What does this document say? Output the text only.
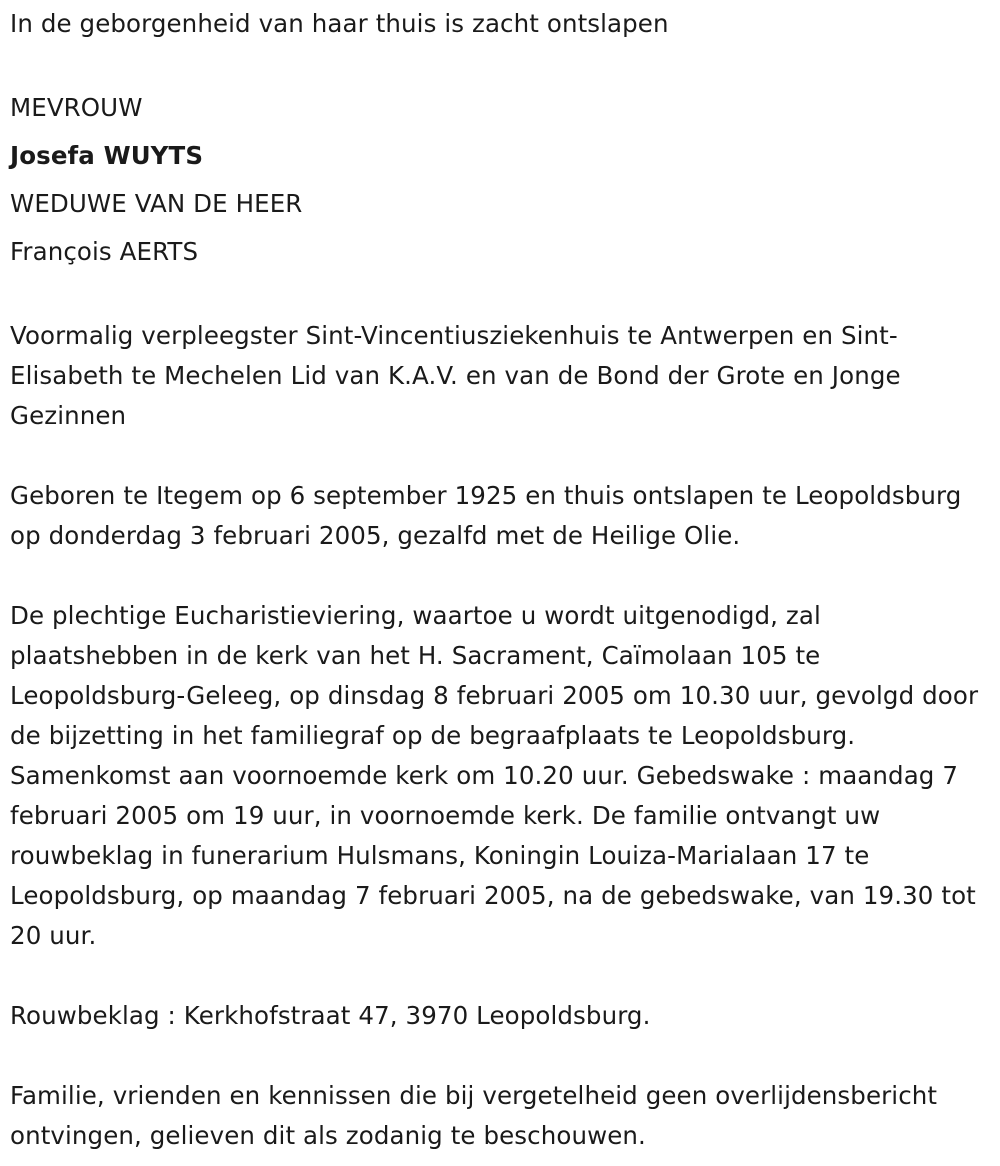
In de geborgenheid van haar thuis is zacht ontslapen

MEVROUW

Josefa WUYTS

WEDUWE VAN DE HEER

François AERTS

Voormalig verpleegster Sint-Vincentiusziekenhuis te Antwerpen en Sint-Elisabeth te Mechelen Lid van K.A.V. en van de Bond der Grote en Jonge Gezinnen

Geboren te Itegem op 6 september 1925 en thuis ontslapen te Leopoldsburg op donderdag 3 februari 2005, gezalfd met de Heilige Olie.

De plechtige Eucharistieviering, waartoe u wordt uitgenodigd, zal plaatshebben in de kerk van het H. Sacrament, Caïmolaan 105 te Leopoldsburg-Geleeg, op dinsdag 8 februari 2005 om 10.30 uur, gevolgd door de bijzetting in het familiegraf op de begraafplaats te Leopoldsburg. Samenkomst aan voornoemde kerk om 10.20 uur. Gebedswake : maandag 7 februari 2005 om 19 uur, in voornoemde kerk. De familie ontvangt uw rouwbeklag in funerarium Hulsmans, Koningin Louiza-Marialaan 17 te Leopoldsburg, op maandag 7 februari 2005, na de gebedswake, van 19.30 tot 20 uur.

Rouwbeklag : Kerkhofstraat 47, 3970 Leopoldsburg.

Familie, vrienden en kennissen die bij vergetelheid geen overlijdensbericht ontvingen, gelieven dit als zodanig te beschouwen.
